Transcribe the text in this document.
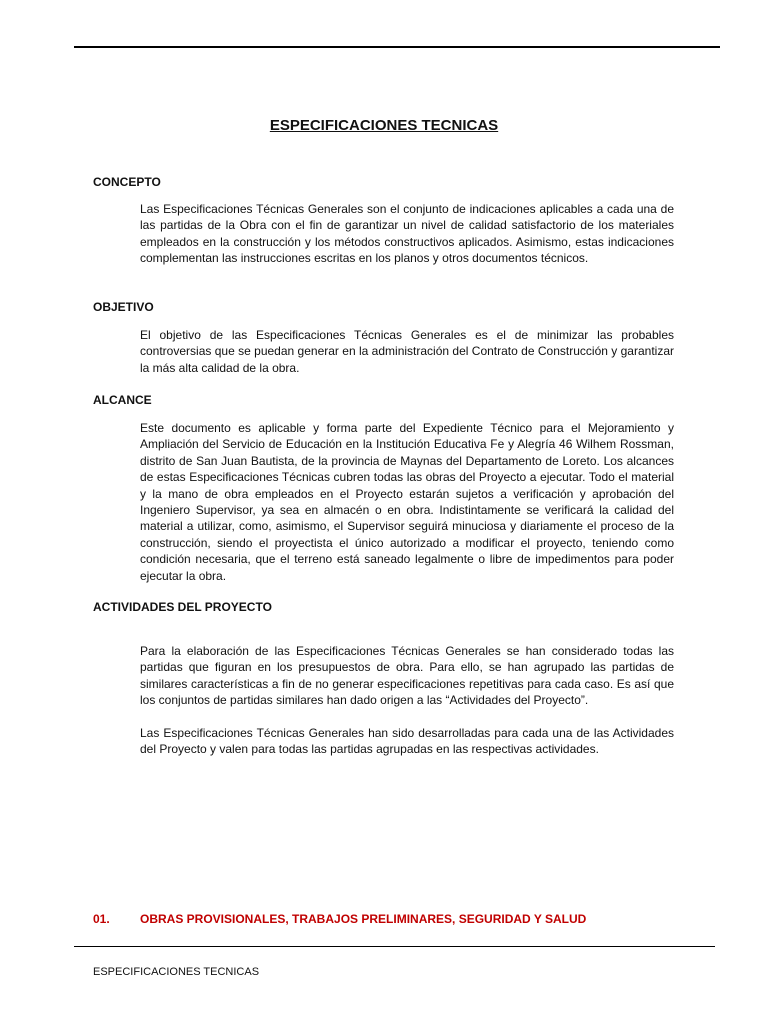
ESPECIFICACIONES TECNICAS

CONCEPTO

Las Especificaciones Técnicas Generales son el conjunto de indicaciones aplicables a cada una de las partidas de la Obra con el fin de garantizar un nivel de calidad satisfactorio de los materiales empleados en la construcción y los métodos constructivos aplicados. Asimismo, estas indicaciones complementan las instrucciones escritas en los planos y otros documentos técnicos.

OBJETIVO

El objetivo de las Especificaciones Técnicas Generales es el de minimizar las probables controversias que se puedan generar en la administración del Contrato de Construcción y garantizar la más alta calidad de la obra.

ALCANCE

Este documento es aplicable y forma parte del Expediente Técnico para el Mejoramiento y Ampliación del Servicio de Educación en la Institución Educativa Fe y Alegría 46 Wilhem Rossman, distrito de San Juan Bautista, de la provincia de Maynas del Departamento de Loreto. Los alcances de estas Especificaciones Técnicas cubren todas las obras del Proyecto a ejecutar. Todo el material y la mano de obra empleados en el Proyecto estarán sujetos a verificación y aprobación del Ingeniero Supervisor, ya sea en almacén o en obra. Indistintamente se verificará la calidad del material a utilizar, como, asimismo, el Supervisor seguirá minuciosa y diariamente el proceso de la construcción, siendo el proyectista el único autorizado a modificar el proyecto, teniendo como condición necesaria, que el terreno está saneado legalmente o libre de impedimentos para poder ejecutar la obra.

ACTIVIDADES DEL PROYECTO

Para la elaboración de las Especificaciones Técnicas Generales se han considerado todas las partidas que figuran en los presupuestos de obra. Para ello, se han agrupado las partidas de similares características a fin de no generar especificaciones repetitivas para cada caso. Es así que los conjuntos de partidas similares han dado origen a las “Actividades del Proyecto”.

Las Especificaciones Técnicas Generales han sido desarrolladas para cada una de las Actividades del Proyecto y valen para todas las partidas agrupadas en las respectivas actividades.

01.	OBRAS PROVISIONALES, TRABAJOS PRELIMINARES, SEGURIDAD Y SALUD

ESPECIFICACIONES TECNICAS
